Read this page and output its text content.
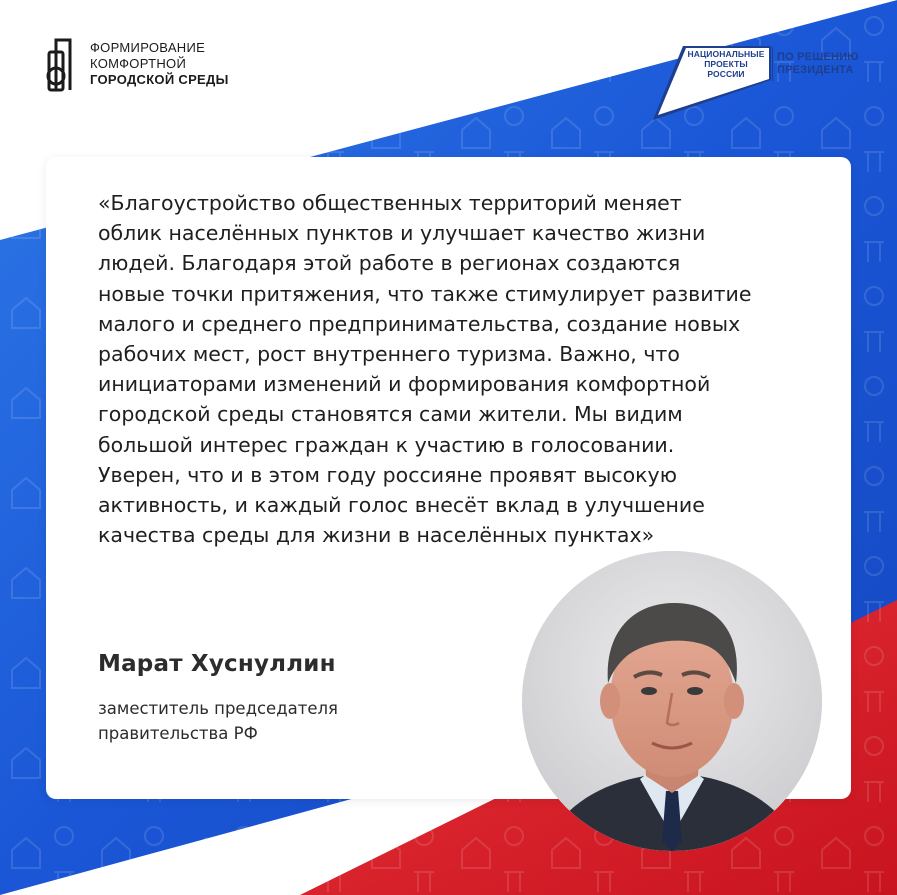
ФОРМИРОВАНИЕ
КОМФОРТНОЙ
ГОРОДСКОЙ СРЕДЫ
НАЦИОНАЛЬНЫЕ
ПРОЕКТЫ
РОССИИ
ПО РЕШЕНИЮ
ПРЕЗИДЕНТА
«Благоустройство общественных территорий меняет
облик населённых пунктов и улучшает качество жизни
людей. Благодаря этой работе в регионах создаются
новые точки притяжения, что также стимулирует развитие
малого и среднего предпринимательства, создание новых
рабочих мест, рост внутреннего туризма. Важно, что
инициаторами изменений и формирования комфортной
городской среды становятся сами жители. Мы видим
большой интерес граждан к участию в голосовании.
Уверен, что и в этом году россияне проявят высокую
активность, и каждый голос внесёт вклад в улучшение
качества среды для жизни в населённых пунктах»
Марат Хуснуллин
заместитель председателя
правительства РФ
